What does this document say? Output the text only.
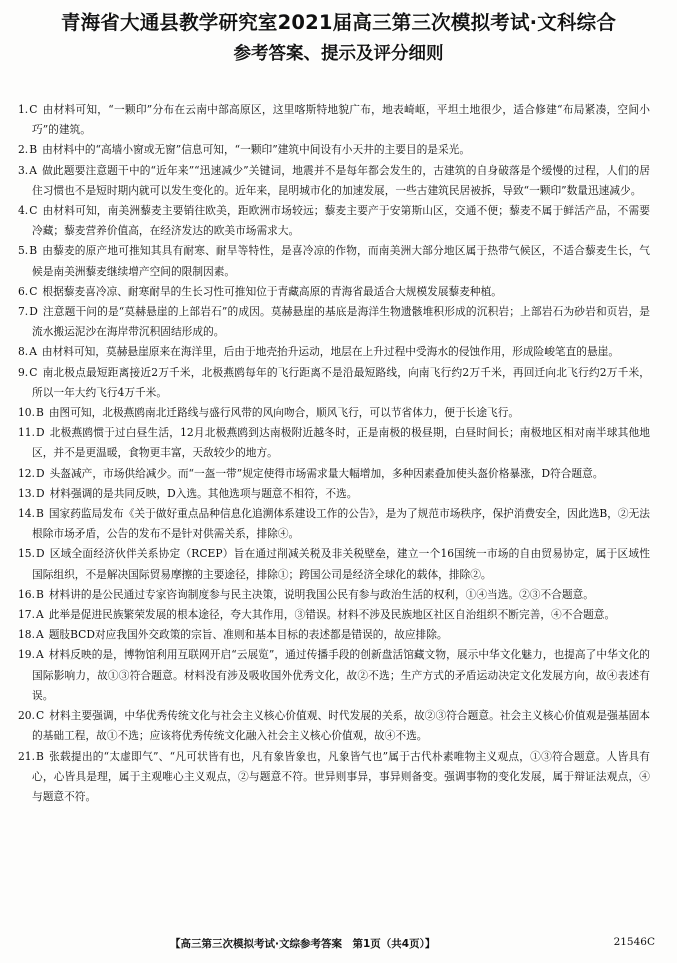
青海省大通县教学研究室2021届高三第三次模拟考试·文科综合
参考答案、提示及评分细则
1.C 由材料可知，“一颗印”分布在云南中部高原区，这里喀斯特地貌广布，地表崎岖，平坦土地很少，适合修建“布局紧凑，空间小巧”的建筑。
2.B 由材料中的“高墙小窗或无窗”信息可知，“一颗印”建筑中间设有小天井的主要目的是采光。
3.A 做此题要注意题干中的“近年来”“迅速减少”关键词，地震并不是每年都会发生的，古建筑的自身破落是个缓慢的过程，人们的居住习惯也不是短时期内就可以发生变化的。近年来，昆明城市化的加速发展，一些古建筑民居被拆，导致“一颗印”数量迅速减少。
4.C 由材料可知，南美洲藜麦主要销往欧美，距欧洲市场较远；藜麦主要产于安第斯山区，交通不便；藜麦不属于鲜活产品，不需要冷藏；藜麦营养价值高，在经济发达的欧美市场需求大。
5.B 由藜麦的原产地可推知其具有耐寒、耐旱等特性，是喜冷凉的作物，而南美洲大部分地区属于热带气候区，不适合藜麦生长，气候是南美洲藜麦继续增产空间的限制因素。
6.C 根据藜麦喜冷凉、耐寒耐旱的生长习性可推知位于青藏高原的青海省最适合大规模发展藜麦种植。
7.D 注意题干问的是“莫赫悬崖的上部岩石”的成因。莫赫悬崖的基底是海洋生物遗骸堆积形成的沉积岩；上部岩石为砂岩和页岩，是流水搬运泥沙在海岸带沉积固结形成的。
8.A 由材料可知，莫赫悬崖原来在海洋里，后由于地壳抬升运动，地层在上升过程中受海水的侵蚀作用，形成险峻笔直的悬崖。
9.C 南北极点最短距离接近2万千米，北极燕鸥每年的飞行距离不是沿最短路线，向南飞行约2万千米，再回迁向北飞行约2万千米，所以一年大约飞行4万千米。
10.B 由图可知，北极燕鸥南北迁路线与盛行风带的风向吻合，顺风飞行，可以节省体力，便于长途飞行。
11.D 北极燕鸥惯于过白昼生活，12月北极燕鸥到达南极附近越冬时，正是南极的极昼期，白昼时间长；南极地区相对南半球其他地区，并不是更温暖，食物更丰富，天敌较少的地方。
12.D 头盔减产，市场供给减少。而“一盔一带”规定使得市场需求量大幅增加，多种因素叠加使头盔价格暴涨，D符合题意。
13.D 材料强调的是共同反映，D入选。其他选项与题意不相符，不选。
14.B 国家药监局发布《关于做好重点品种信息化追溯体系建设工作的公告》，是为了规范市场秩序，保护消费安全，因此选B，②无法根除市场矛盾，公告的发布不是针对供需关系，排除④。
15.D 区域全面经济伙伴关系协定（RCEP）旨在通过削减关税及非关税壁垒，建立一个16国统一市场的自由贸易协定，属于区域性国际组织，不是解决国际贸易摩擦的主要途径，排除①；跨国公司是经济全球化的载体，排除②。
16.B 材料讲的是公民通过专家咨询制度参与民主决策，说明我国公民有参与政治生活的权利，①④当选。②③不合题意。
17.A 此举是促进民族繁荣发展的根本途径，夸大其作用，③错误。材料不涉及民族地区社区自治组织不断完善，④不合题意。
18.A 题肢BCD对应我国外交政策的宗旨、准则和基本目标的表述都是错误的，故应排除。
19.A 材料反映的是，博物馆利用互联网开启“云展览”，通过传播手段的创新盘活馆藏文物，展示中华文化魅力，也提高了中华文化的国际影响力，故①③符合题意。材料没有涉及吸收国外优秀文化，故②不选；生产方式的矛盾运动决定文化发展方向，故④表述有误。
20.C 材料主要强调，中华优秀传统文化与社会主义核心价值观、时代发展的关系，故②③符合题意。社会主义核心价值观是强基固本的基础工程，故①不选；应该将优秀传统文化融入社会主义核心价值观，故④不选。
21.B 张载提出的“太虚即气”、“凡可状皆有也，凡有象皆象也，凡象皆气也”属于古代朴素唯物主义观点，①③符合题意。人皆具有心，心皆具是理，属于主观唯心主义观点，②与题意不符。世异则事异，事异则备变。强调事物的变化发展，属于辩证法观点，④与题意不符。
【高三第三次模拟考试·文综参考答案　第1页（共4页）】	21546C
